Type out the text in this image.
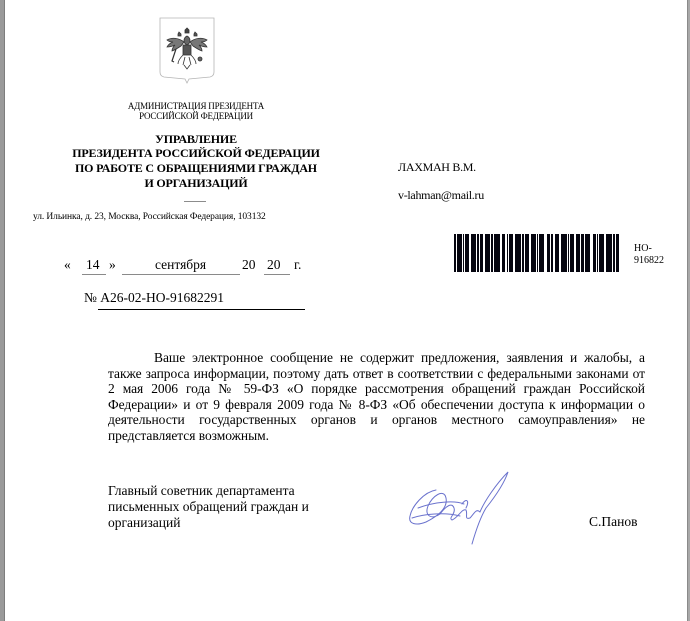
АДМИНИСТРАЦИЯ ПРЕЗИДЕНТА
РОССИЙСКОЙ ФЕДЕРАЦИИ
УПРАВЛЕНИЕ
ПРЕЗИДЕНТА РОССИЙСКОЙ ФЕДЕРАЦИИ
ПО РАБОТЕ С ОБРАЩЕНИЯМИ ГРАЖДАН
И ОРГАНИЗАЦИЙ
ул. Ильинка, д. 23, Москва, Российская Федерация, 103132
ЛАХМАН В.М.
v-lahman@mail.ru
НО-
916822
« 14 »	сентября	20 20 г.
№ А26-02-НО-91682291

Ваше электронное сообщение не содержит предложения, заявления и жалобы, а также запроса информации, поэтому дать ответ в соответствии с федеральными законами от 2 мая 2006 года № 59-ФЗ «О порядке рассмотрения обращений граждан Российской Федерации» и от 9 февраля 2009 года № 8-ФЗ «Об обеспечении доступа к информации о деятельности государственных органов и органов местного самоуправления» не представляется возможным.

Главный советник департамента
письменных обращений граждан и
организаций	С.Панов
